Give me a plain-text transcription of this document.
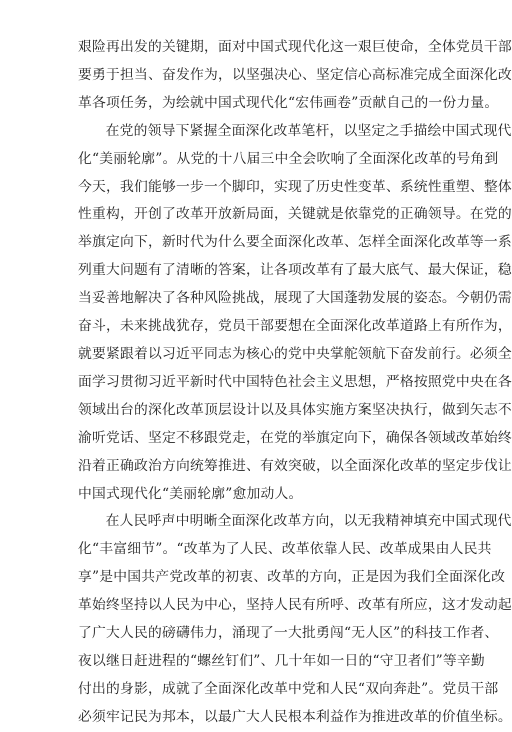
艰险再出发的关键期，面对中国式现代化这一艰巨使命，全体党员干部
要勇于担当、奋发作为，以坚强决心、坚定信心高标准完成全面深化改
革各项任务，为绘就中国式现代化“宏伟画卷”贡献自己的一份力量。
在党的领导下紧握全面深化改革笔杆，以坚定之手描绘中国式现代
化“美丽轮廓”。从党的十八届三中全会吹响了全面深化改革的号角到
今天，我们能够一步一个脚印，实现了历史性变革、系统性重塑、整体
性重构，开创了改革开放新局面，关键就是依靠党的正确领导。在党的
举旗定向下，新时代为什么要全面深化改革、怎样全面深化改革等一系
列重大问题有了清晰的答案，让各项改革有了最大底气、最大保证，稳
当妥善地解决了各种风险挑战，展现了大国蓬勃发展的姿态。今朝仍需
奋斗，未来挑战犹存，党员干部要想在全面深化改革道路上有所作为，
就要紧跟着以习近平同志为核心的党中央掌舵领航下奋发前行。必须全
面学习贯彻习近平新时代中国特色社会主义思想，严格按照党中央在各
领域出台的深化改革顶层设计以及具体实施方案坚决执行，做到矢志不
渝听党话、坚定不移跟党走，在党的举旗定向下，确保各领域改革始终
沿着正确政治方向统筹推进、有效突破，以全面深化改革的坚定步伐让
中国式现代化“美丽轮廓”愈加动人。
在人民呼声中明晰全面深化改革方向，以无我精神填充中国式现代
化“丰富细节”。“改革为了人民、改革依靠人民、改革成果由人民共
享”是中国共产党改革的初衷、改革的方向，正是因为我们全面深化改
革始终坚持以人民为中心，坚持人民有所呼、改革有所应，这才发动起
了广大人民的磅礴伟力，涌现了一大批勇闯“无人区”的科技工作者、
夜以继日赶进程的“螺丝钉们”、几十年如一日的“守卫者们”等辛勤
付出的身影，成就了全面深化改革中党和人民“双向奔赴”。党员干部
必须牢记民为邦本，以最广大人民根本利益作为推进改革的价值坐标。
